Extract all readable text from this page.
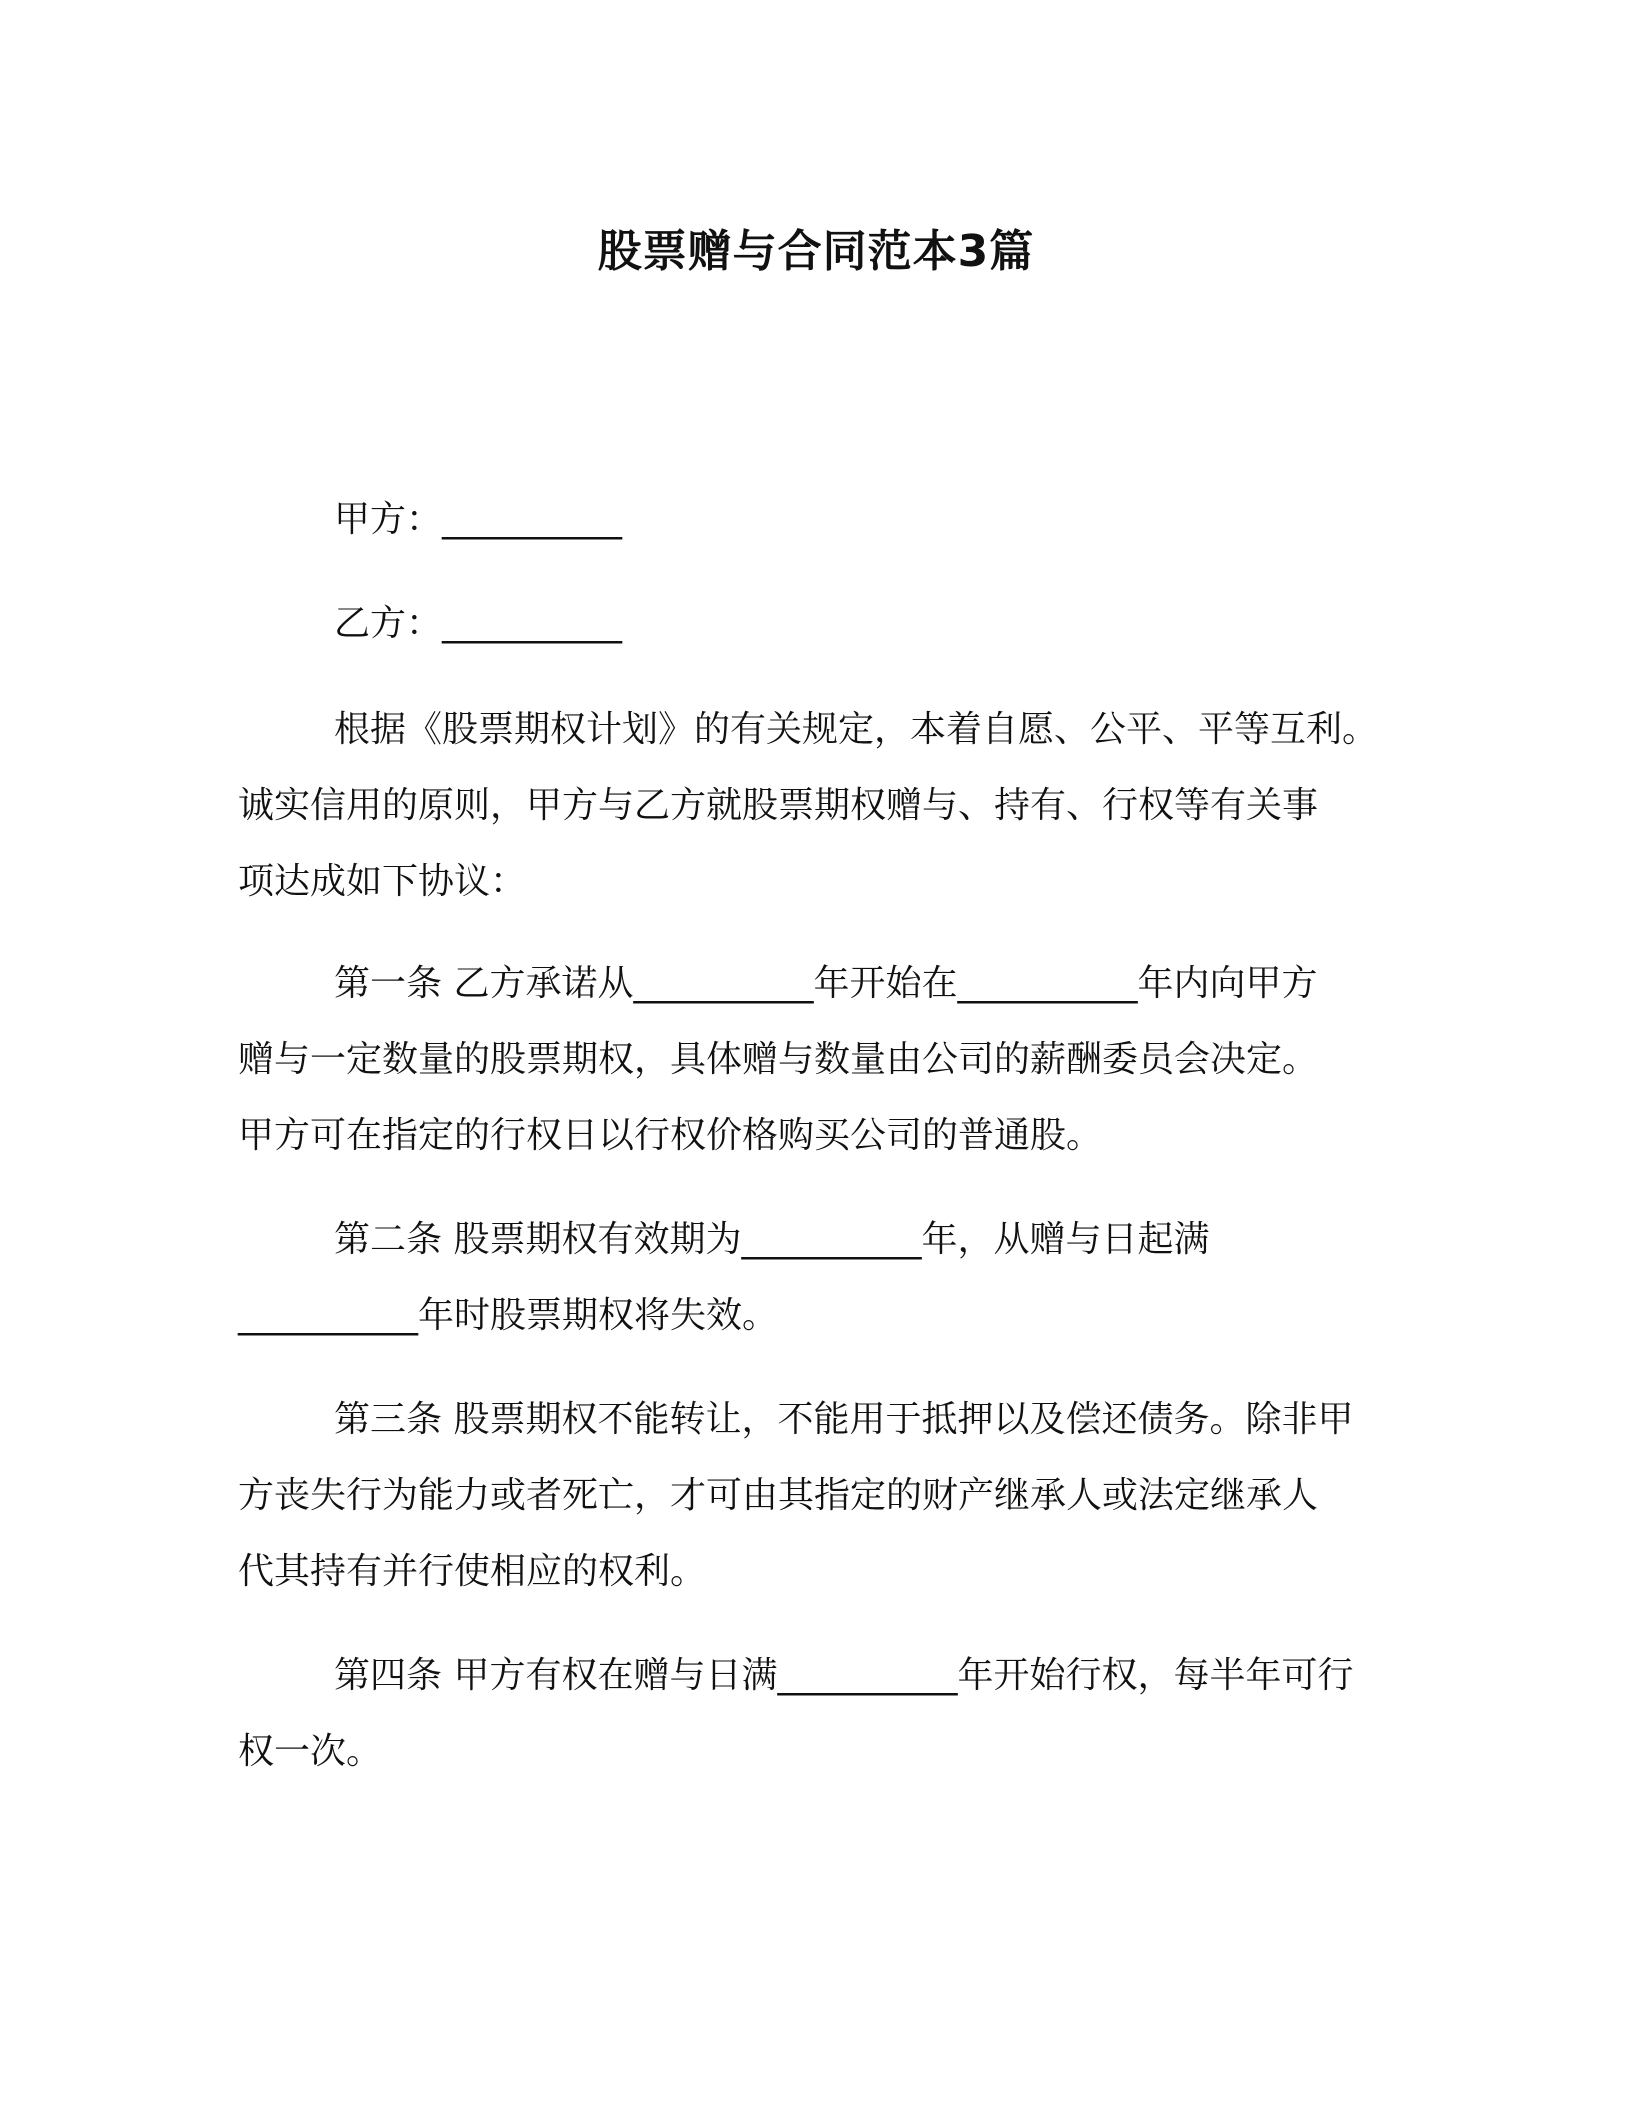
股票赠与合同范本3篇
甲方：__________
乙方：__________
根据《股票期权计划》的有关规定，本着自愿、公平、平等互利。
诚实信用的原则，甲方与乙方就股票期权赠与、持有、行权等有关事
项达成如下协议：
第一条 乙方承诺从__________年开始在__________年内向甲方
赠与一定数量的股票期权，具体赠与数量由公司的薪酬委员会决定。
甲方可在指定的行权日以行权价格购买公司的普通股。
第二条 股票期权有效期为__________年，从赠与日起满
__________年时股票期权将失效。
第三条 股票期权不能转让，不能用于抵押以及偿还债务。除非甲
方丧失行为能力或者死亡，才可由其指定的财产继承人或法定继承人
代其持有并行使相应的权利。
第四条 甲方有权在赠与日满__________年开始行权，每半年可行
权一次。
